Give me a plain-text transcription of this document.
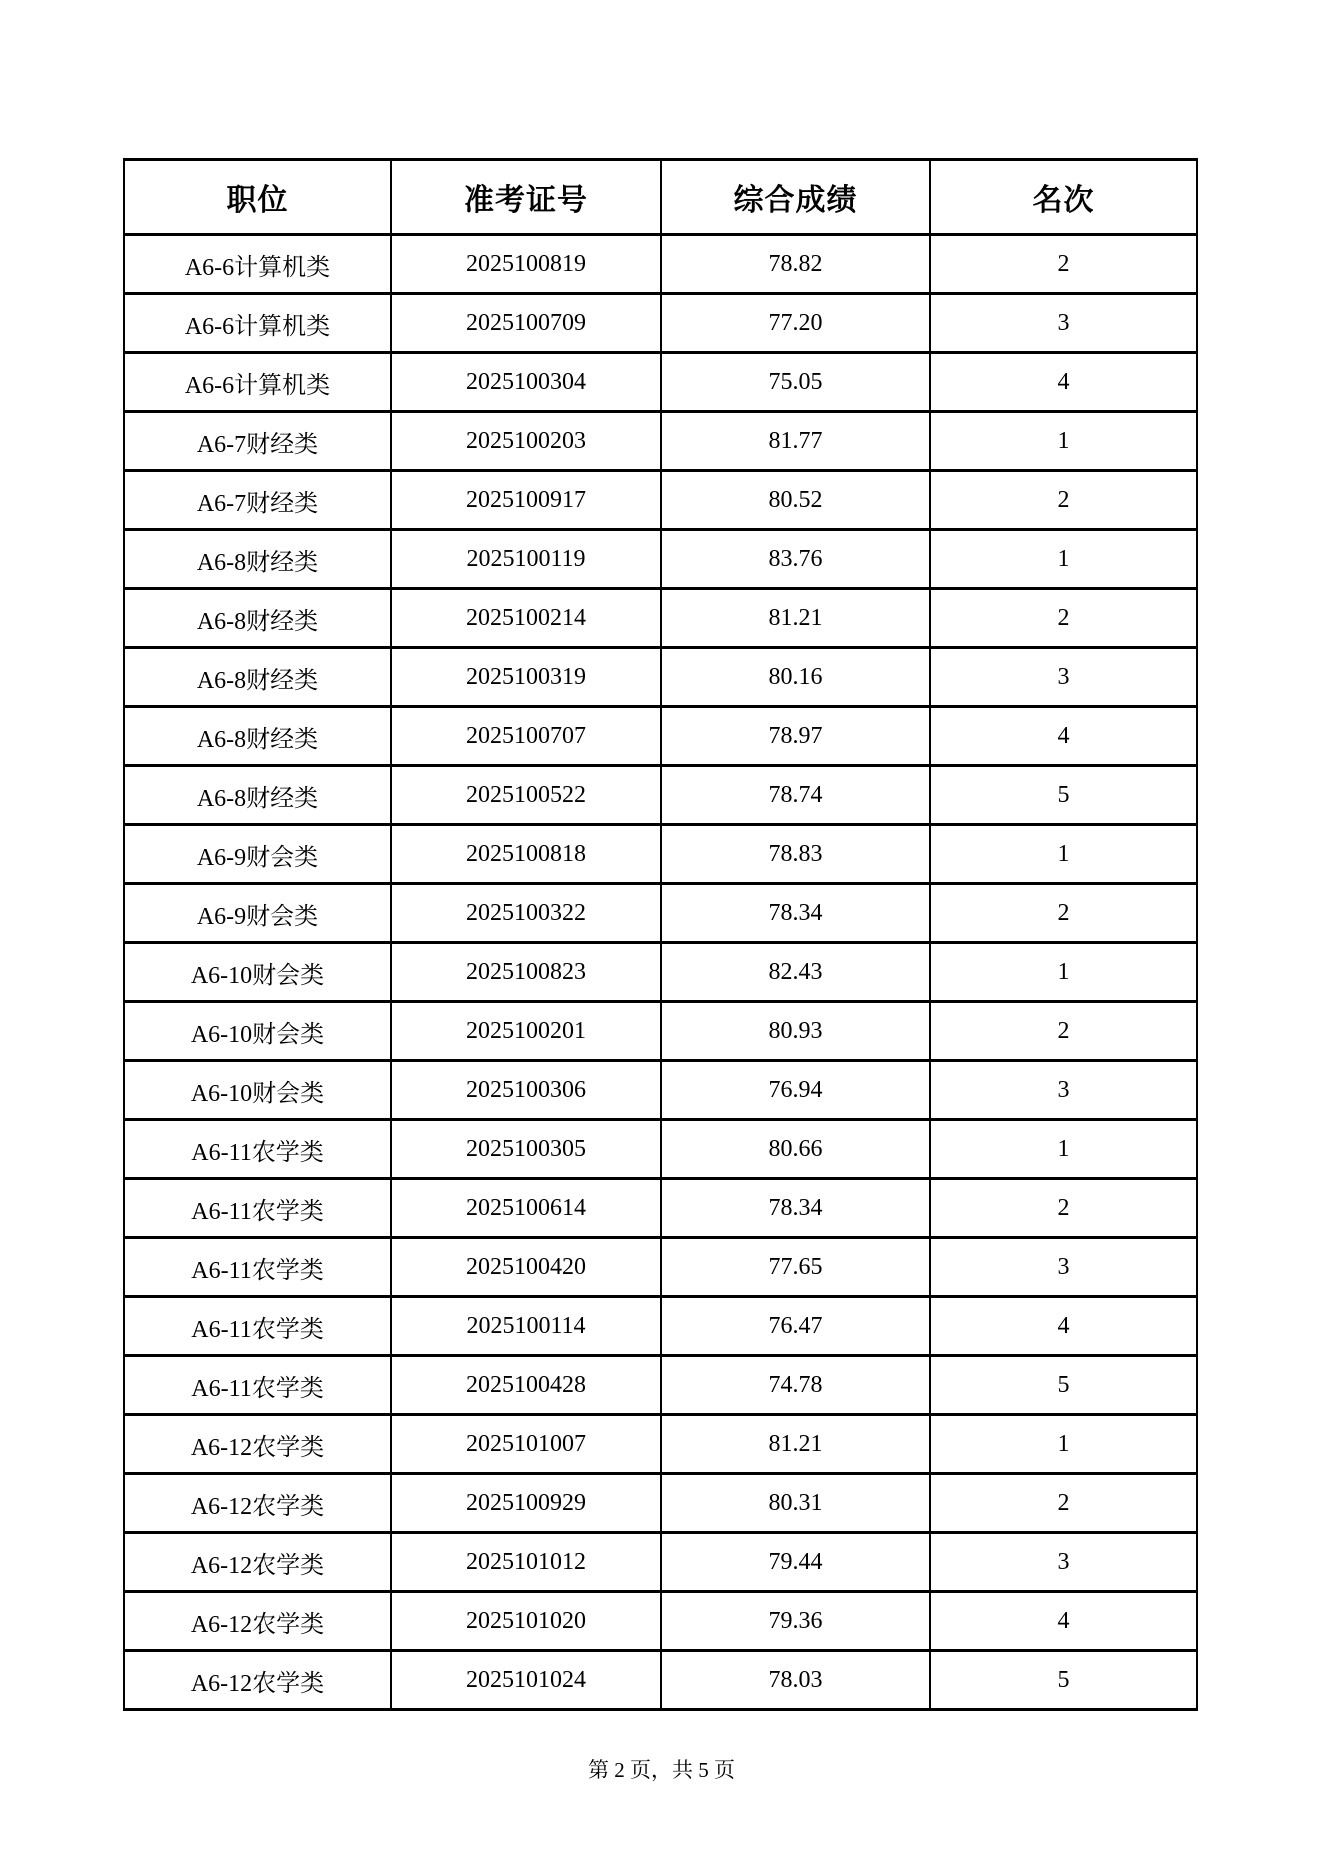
职位	准考证号	综合成绩	名次
A6-6计算机类	2025100819	78.82	2
A6-6计算机类	2025100709	77.20	3
A6-6计算机类	2025100304	75.05	4
A6-7财经类	2025100203	81.77	1
A6-7财经类	2025100917	80.52	2
A6-8财经类	2025100119	83.76	1
A6-8财经类	2025100214	81.21	2
A6-8财经类	2025100319	80.16	3
A6-8财经类	2025100707	78.97	4
A6-8财经类	2025100522	78.74	5
A6-9财会类	2025100818	78.83	1
A6-9财会类	2025100322	78.34	2
A6-10财会类	2025100823	82.43	1
A6-10财会类	2025100201	80.93	2
A6-10财会类	2025100306	76.94	3
A6-11农学类	2025100305	80.66	1
A6-11农学类	2025100614	78.34	2
A6-11农学类	2025100420	77.65	3
A6-11农学类	2025100114	76.47	4
A6-11农学类	2025100428	74.78	5
A6-12农学类	2025101007	81.21	1
A6-12农学类	2025100929	80.31	2
A6-12农学类	2025101012	79.44	3
A6-12农学类	2025101020	79.36	4
A6-12农学类	2025101024	78.03	5
第 2 页，共 5 页
